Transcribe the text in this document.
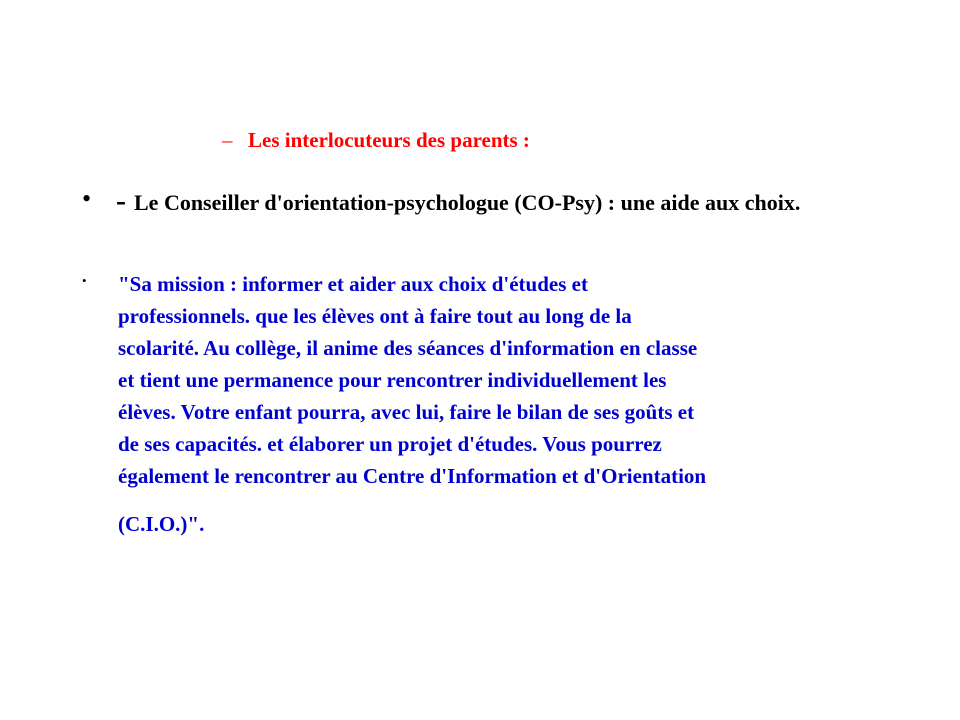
– Les interlocuteurs des parents :
• - Le Conseiller d'orientation-psychologue (CO-Psy) : une aide aux choix.
• "Sa mission : informer et aider aux choix d'études et
professionnels. que les élèves ont à faire tout au long de la
scolarité. Au collège, il anime des séances d'information en classe
et tient une permanence pour rencontrer individuellement les
élèves. Votre enfant pourra, avec lui, faire le bilan de ses goûts et
de ses capacités. et élaborer un projet d'études. Vous pourrez
également le rencontrer au Centre d'Information et d'Orientation
(C.I.O.)".
